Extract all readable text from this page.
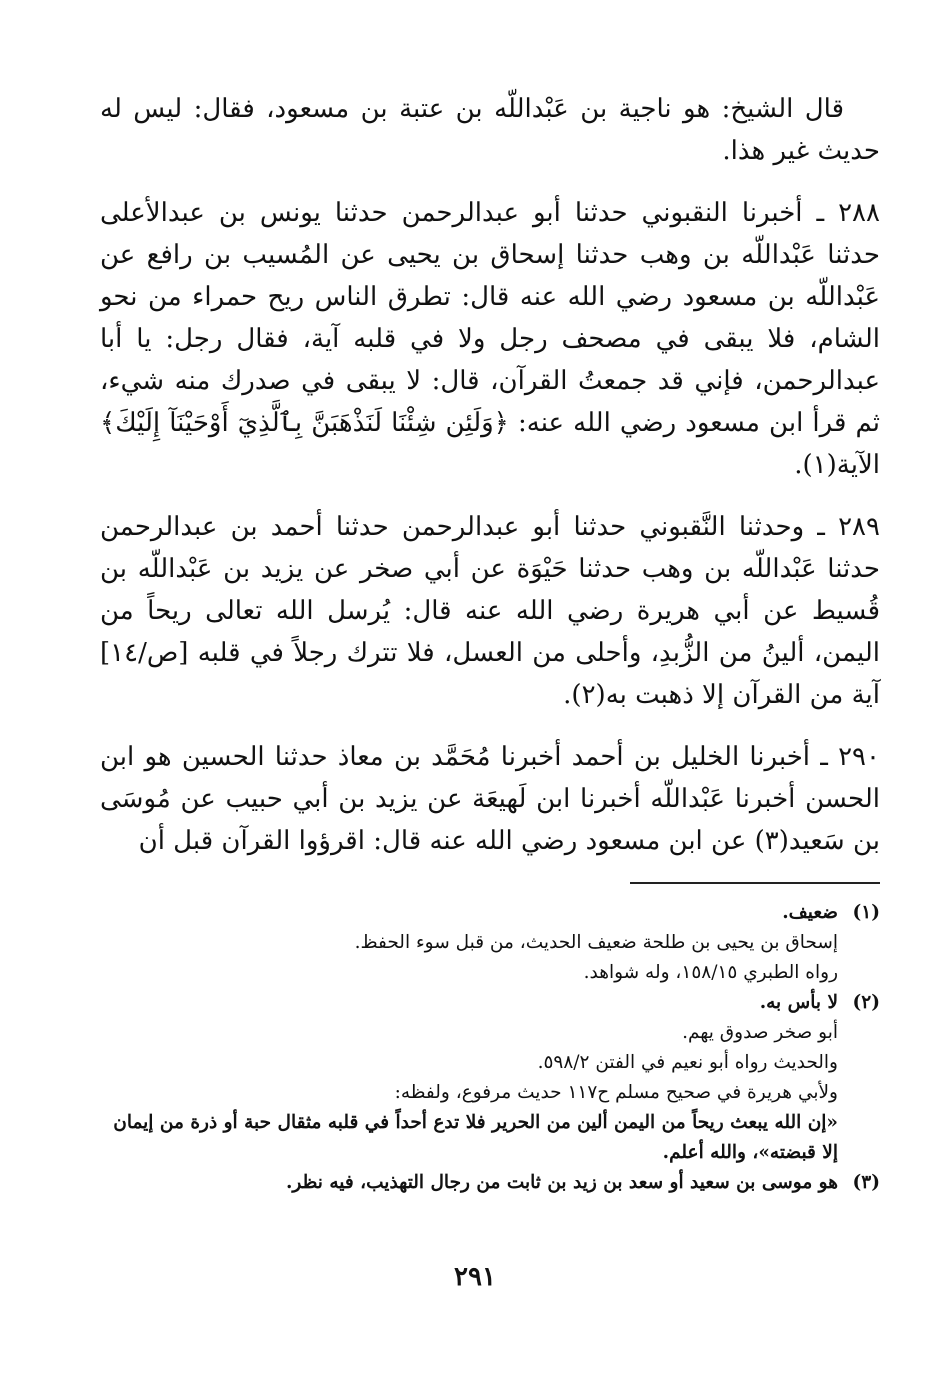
قال الشيخ: هو ناجية بن عَبْداللّه بن عتبة بن مسعود، فقال: ليس له حديث غير هذا.

٢٨٨ ـ أخبرنا النقبوني حدثنا أبو عبدالرحمن حدثنا يونس بن عبدالأعلى حدثنا عَبْداللّه بن وهب حدثنا إسحاق بن يحيى عن المُسيب بن رافع عن عَبْداللّه بن مسعود رضي الله عنه قال: تطرق الناس ريح حمراء من نحو الشام، فلا يبقى في مصحف رجل ولا في قلبه آية، فقال رجل: يا أبا عبدالرحمن، فإني قد جمعتُ القرآن، قال: لا يبقى في صدرك منه شيء، ثم قرأ ابن مسعود رضي الله عنه: ﴿وَلَئِن شِئْنَا لَنَذْهَبَنَّ بِٱلَّذِيٓ أَوْحَيْنَآ إِلَيْكَ﴾ الآية(١).

٢٨٩ ـ وحدثنا النَّقبوني حدثنا أبو عبدالرحمن حدثنا أحمد بن عبدالرحمن حدثنا عَبْداللّه بن وهب حدثنا حَيْوَة عن أبي صخر عن يزيد بن عَبْداللّه بن قُسيط عن أبي هريرة رضي الله عنه قال: يُرسل الله تعالى ريحاً من اليمن، ألينُ من الزُّبدِ، وأحلى من العسل، فلا تترك رجلاً في قلبه [ص/١٤] آية من القرآن إلا ذهبت به(٢).

٢٩٠ ـ أخبرنا الخليل بن أحمد أخبرنا مُحَمَّد بن معاذ حدثنا الحسين هو ابن الحسن أخبرنا عَبْداللّه أخبرنا ابن لَهيعَة عن يزيد بن أبي حبيب عن مُوسَى بن سَعيد(٣) عن ابن مسعود رضي الله عنه قال: اقرؤوا القرآن قبل أن

(١)
ضعيف.
إسحاق بن يحيى بن طلحة ضعيف الحديث، من قبل سوء الحفظ.
رواه الطبري ١٥٨/١٥، وله شواهد.
(٢)
لا بأس به.
أبو صخر صدوق يهم.
والحديث رواه أبو نعيم في الفتن ٥٩٨/٢.
ولأبي هريرة في صحيح مسلم ح١١٧ حديث مرفوع، ولفظه:
«إن الله يبعث ريحاً من اليمن ألين من الحرير فلا تدع أحداً في قلبه مثقال حبة أو ذرة من إيمان إلا قبضته»، والله أعلم.
(٣)
هو موسى بن سعيد أو سعد بن زيد بن ثابت من رجال التهذيب، فيه نظر.
٢٩١
